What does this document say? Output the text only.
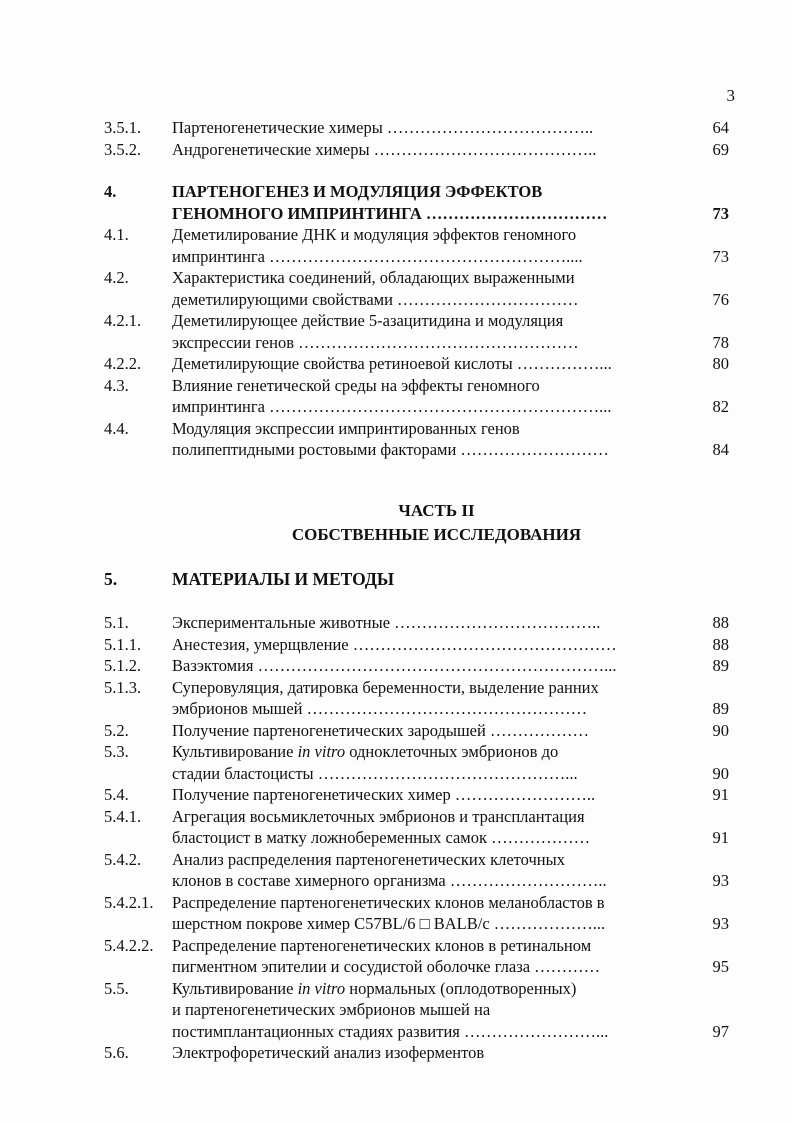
3
3.5.1.	Партеногенетические химеры ………………………………..	64
3.5.2.	Андрогенетические химеры …………………………………..	69
4.	ПАРТЕНОГЕНЕЗ И МОДУЛЯЦИЯ ЭФФЕКТОВ
ГЕНОМНОГО ИМПРИНТИНГА ……………………………	73
4.1.	Деметилирование ДНК и модуляция эффектов геномного
импринтинга ………………………………………………....	73
4.2.	Характеристика соединений, обладающих выраженными
деметилирующими свойствами ……………………………	76
4.2.1.	Деметилирующее действие 5-азацитидина и модуляция
экспрессии генов ……………………………………………	78
4.2.2.	Деметилирующие свойства ретиноевой кислоты ……………...	80
4.3.	Влияние генетической среды на эффекты геномного
импринтинга ……………………………………………………...	82
4.4.	Модуляция экспрессии импринтированных генов
полипептидными ростовыми факторами ………………………	84
ЧАСТЬ II
СОБСТВЕННЫЕ ИССЛЕДОВАНИЯ
5.	МАТЕРИАЛЫ И МЕТОДЫ
5.1.	Экспериментальные животные ………………………………..	88
5.1.1.	Анестезия, умерщвление …………………………………………	88
5.1.2.	Вазэктомия ………………………………………………………...	89
5.1.3.	Суперовуляция, датировка беременности, выделение ранних
эмбрионов мышей ……………………………………………	89
5.2.	Получение партеногенетических зародышей ………………	90
5.3.	Культивирование in vitro одноклеточных эмбрионов до
стадии бластоцисты ………………………………………...	90
5.4.	Получение партеногенетических химер ……………………..	91
5.4.1.	Агрегация восьмиклеточных эмбрионов и трансплантация
бластоцист в матку ложнобеременных самок ………………	91
5.4.2.	Анализ распределения партеногенетических клеточных
клонов в составе химерного организма ………………………..	93
5.4.2.1.	Распределение партеногенетических клонов меланобластов в
шерстном покрове химер C57BL/6 □ BALB/c ………………...	93
5.4.2.2.	Распределение партеногенетических клонов в ретинальном
пигментном эпителии и сосудистой оболочке глаза …………	95
5.5.	Культивирование in vitro нормальных (оплодотворенных)
и партеногенетических эмбрионов мышей на
постимплантационных стадиях развития ……………………...	97
5.6.	Электрофоретический анализ изоферментов
